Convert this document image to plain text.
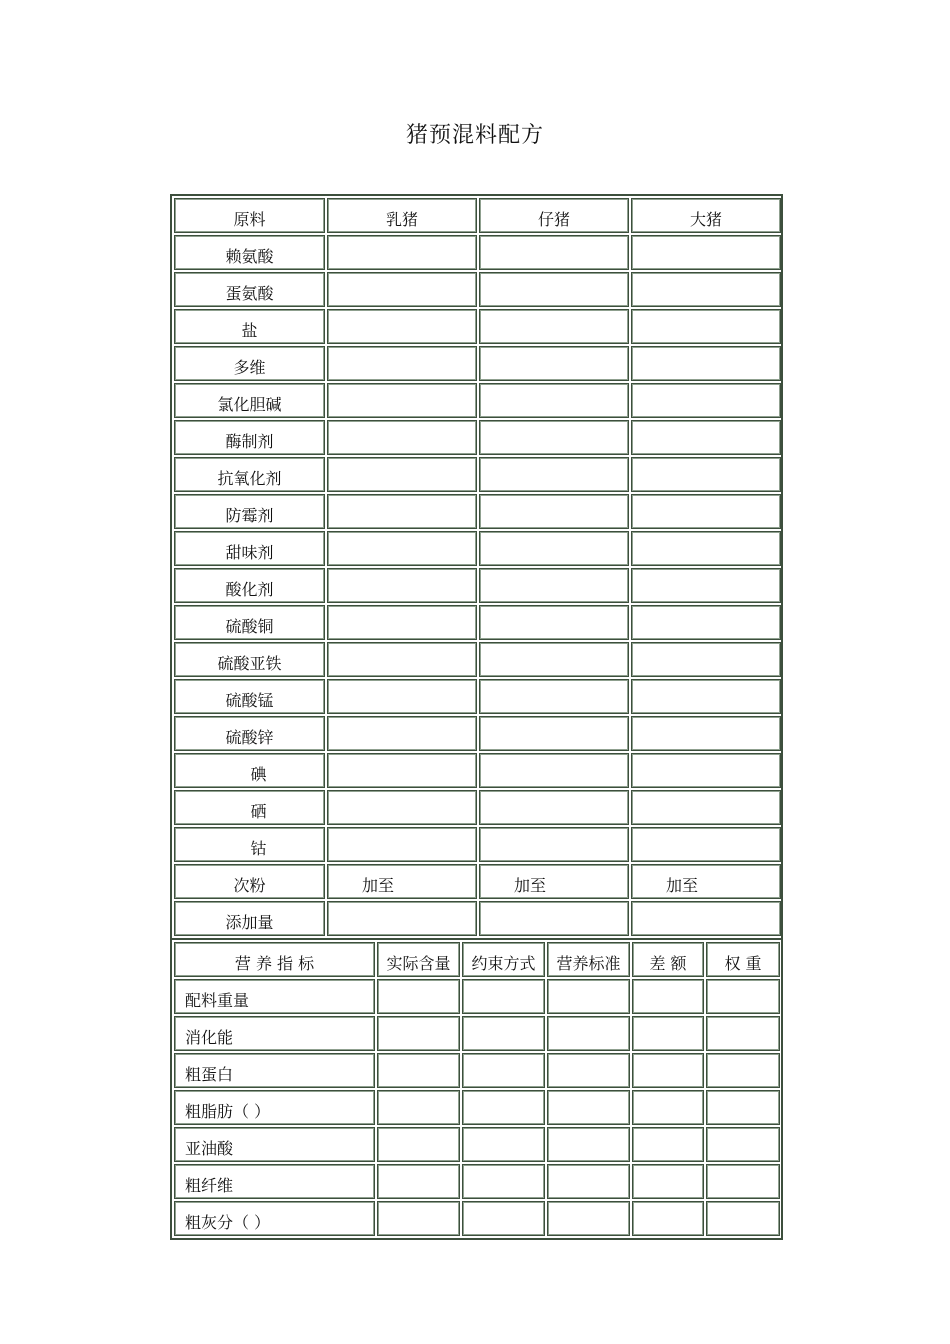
猪预混料配方
原料	乳猪	仔猪	大猪
赖氨酸			
蛋氨酸			
盐			
多维			
氯化胆碱			
酶制剂			
抗氧化剂			
防霉剂			
甜味剂			
酸化剂			
硫酸铜			
硫酸亚铁			
硫酸锰			
硫酸锌			
碘			
硒			
钴			
次粉	加至	加至	加至
添加量			
营 养 指 标	实际含量	约束方式	营养标准	差 额	权 重
配料重量					
消化能					
粗蛋白					
粗脂肪（ ）					
亚油酸					
粗纤维					
粗灰分（ ）					
